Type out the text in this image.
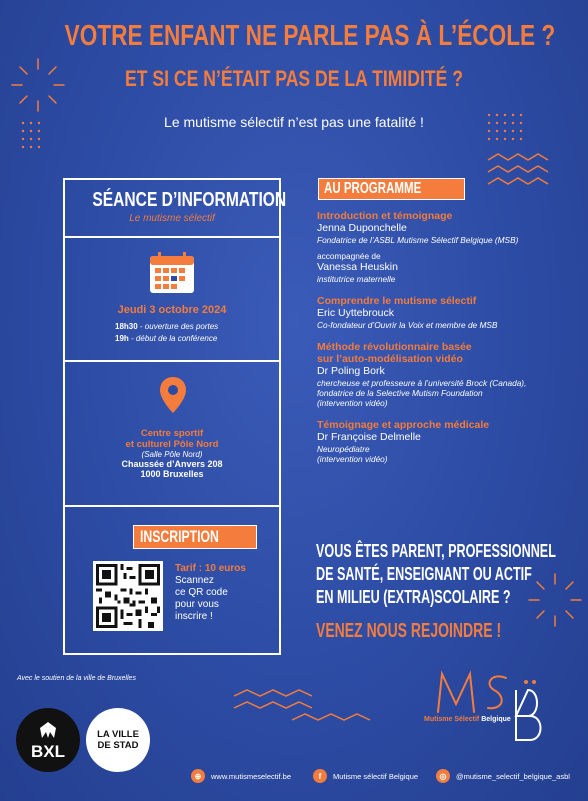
VOTRE ENFANT NE PARLE PAS À L’ÉCOLE ?
ET SI CE N’ÉTAIT PAS DE LA TIMIDITÉ ?
Le mutisme sélectif n’est pas une fatalité !
SÉANCE D’INFORMATION
Le mutisme sélectif
Jeudi 3 octobre 2024
18h30 - ouverture des portes
19h - début de la conférence
Centre sportif
et culturel Pôle Nord
(Salle Pôle Nord)
Chaussée d’Anvers 208
1000 Bruxelles
INSCRIPTION
Tarif : 10 euros
Scannez
ce QR code
pour vous
inscrire !
AU PROGRAMME
Introduction et témoignage
Jenna Duponchelle
Fondatrice de l’ASBL Mutisme Sélectif Belgique (MSB)
accompagnée de
Vanessa Heuskin
institutrice maternelle
Comprendre le mutisme sélectif
Eric Uyttebrouck
Co-fondateur d’Ouvrir la Voix et membre de MSB
Méthode révolutionnaire basée
sur l’auto-modélisation vidéo
Dr Poling Bork
chercheuse et professeure à l’université Brock (Canada),
fondatrice de la Selective Mutism Foundation
(intervention vidéo)
Témoignage et approche médicale
Dr Françoise Delmelle
Neuropédiatre
(intervention vidéo)
VOUS ÊTES PARENT, PROFESSIONNEL
DE SANTÉ, ENSEIGNANT OU ACTIF
EN MILIEU (EXTRA)SCOLAIRE ?
VENEZ NOUS REJOINDRE !
Avec le soutien de la ville de Bruxelles
BXL
LA VILLE
DE STAD
Mutisme Sélectif Belgique
⊕	www.mutismeselectif.be	f	Mutisme sélectif Belgique	◎	@mutisme_selectif_belgique_asbl
